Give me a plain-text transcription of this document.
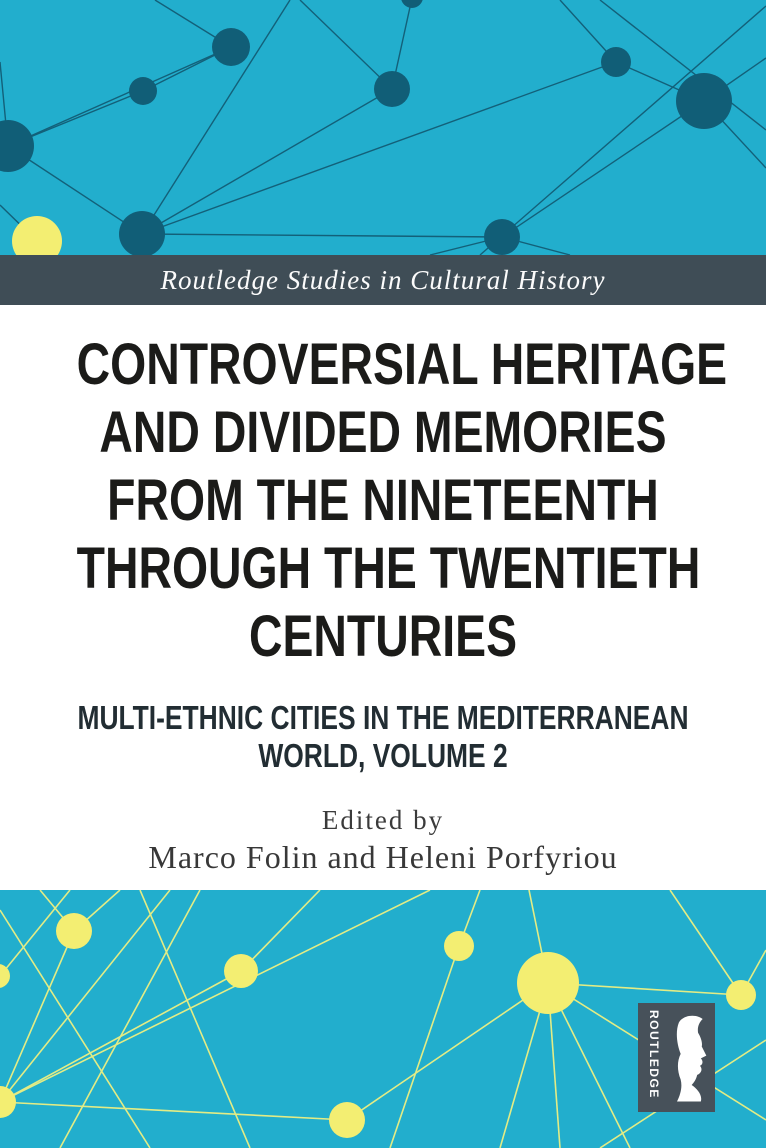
Routledge Studies in Cultural History
CONTROVERSIAL HERITAGE
AND DIVIDED MEMORIES
FROM THE NINETEENTH
THROUGH THE TWENTIETH
CENTURIES
MULTI-ETHNIC CITIES IN THE MEDITERRANEAN
WORLD, VOLUME 2
Edited by
Marco Folin and Heleni Porfyriou
ROUTLEDGE
